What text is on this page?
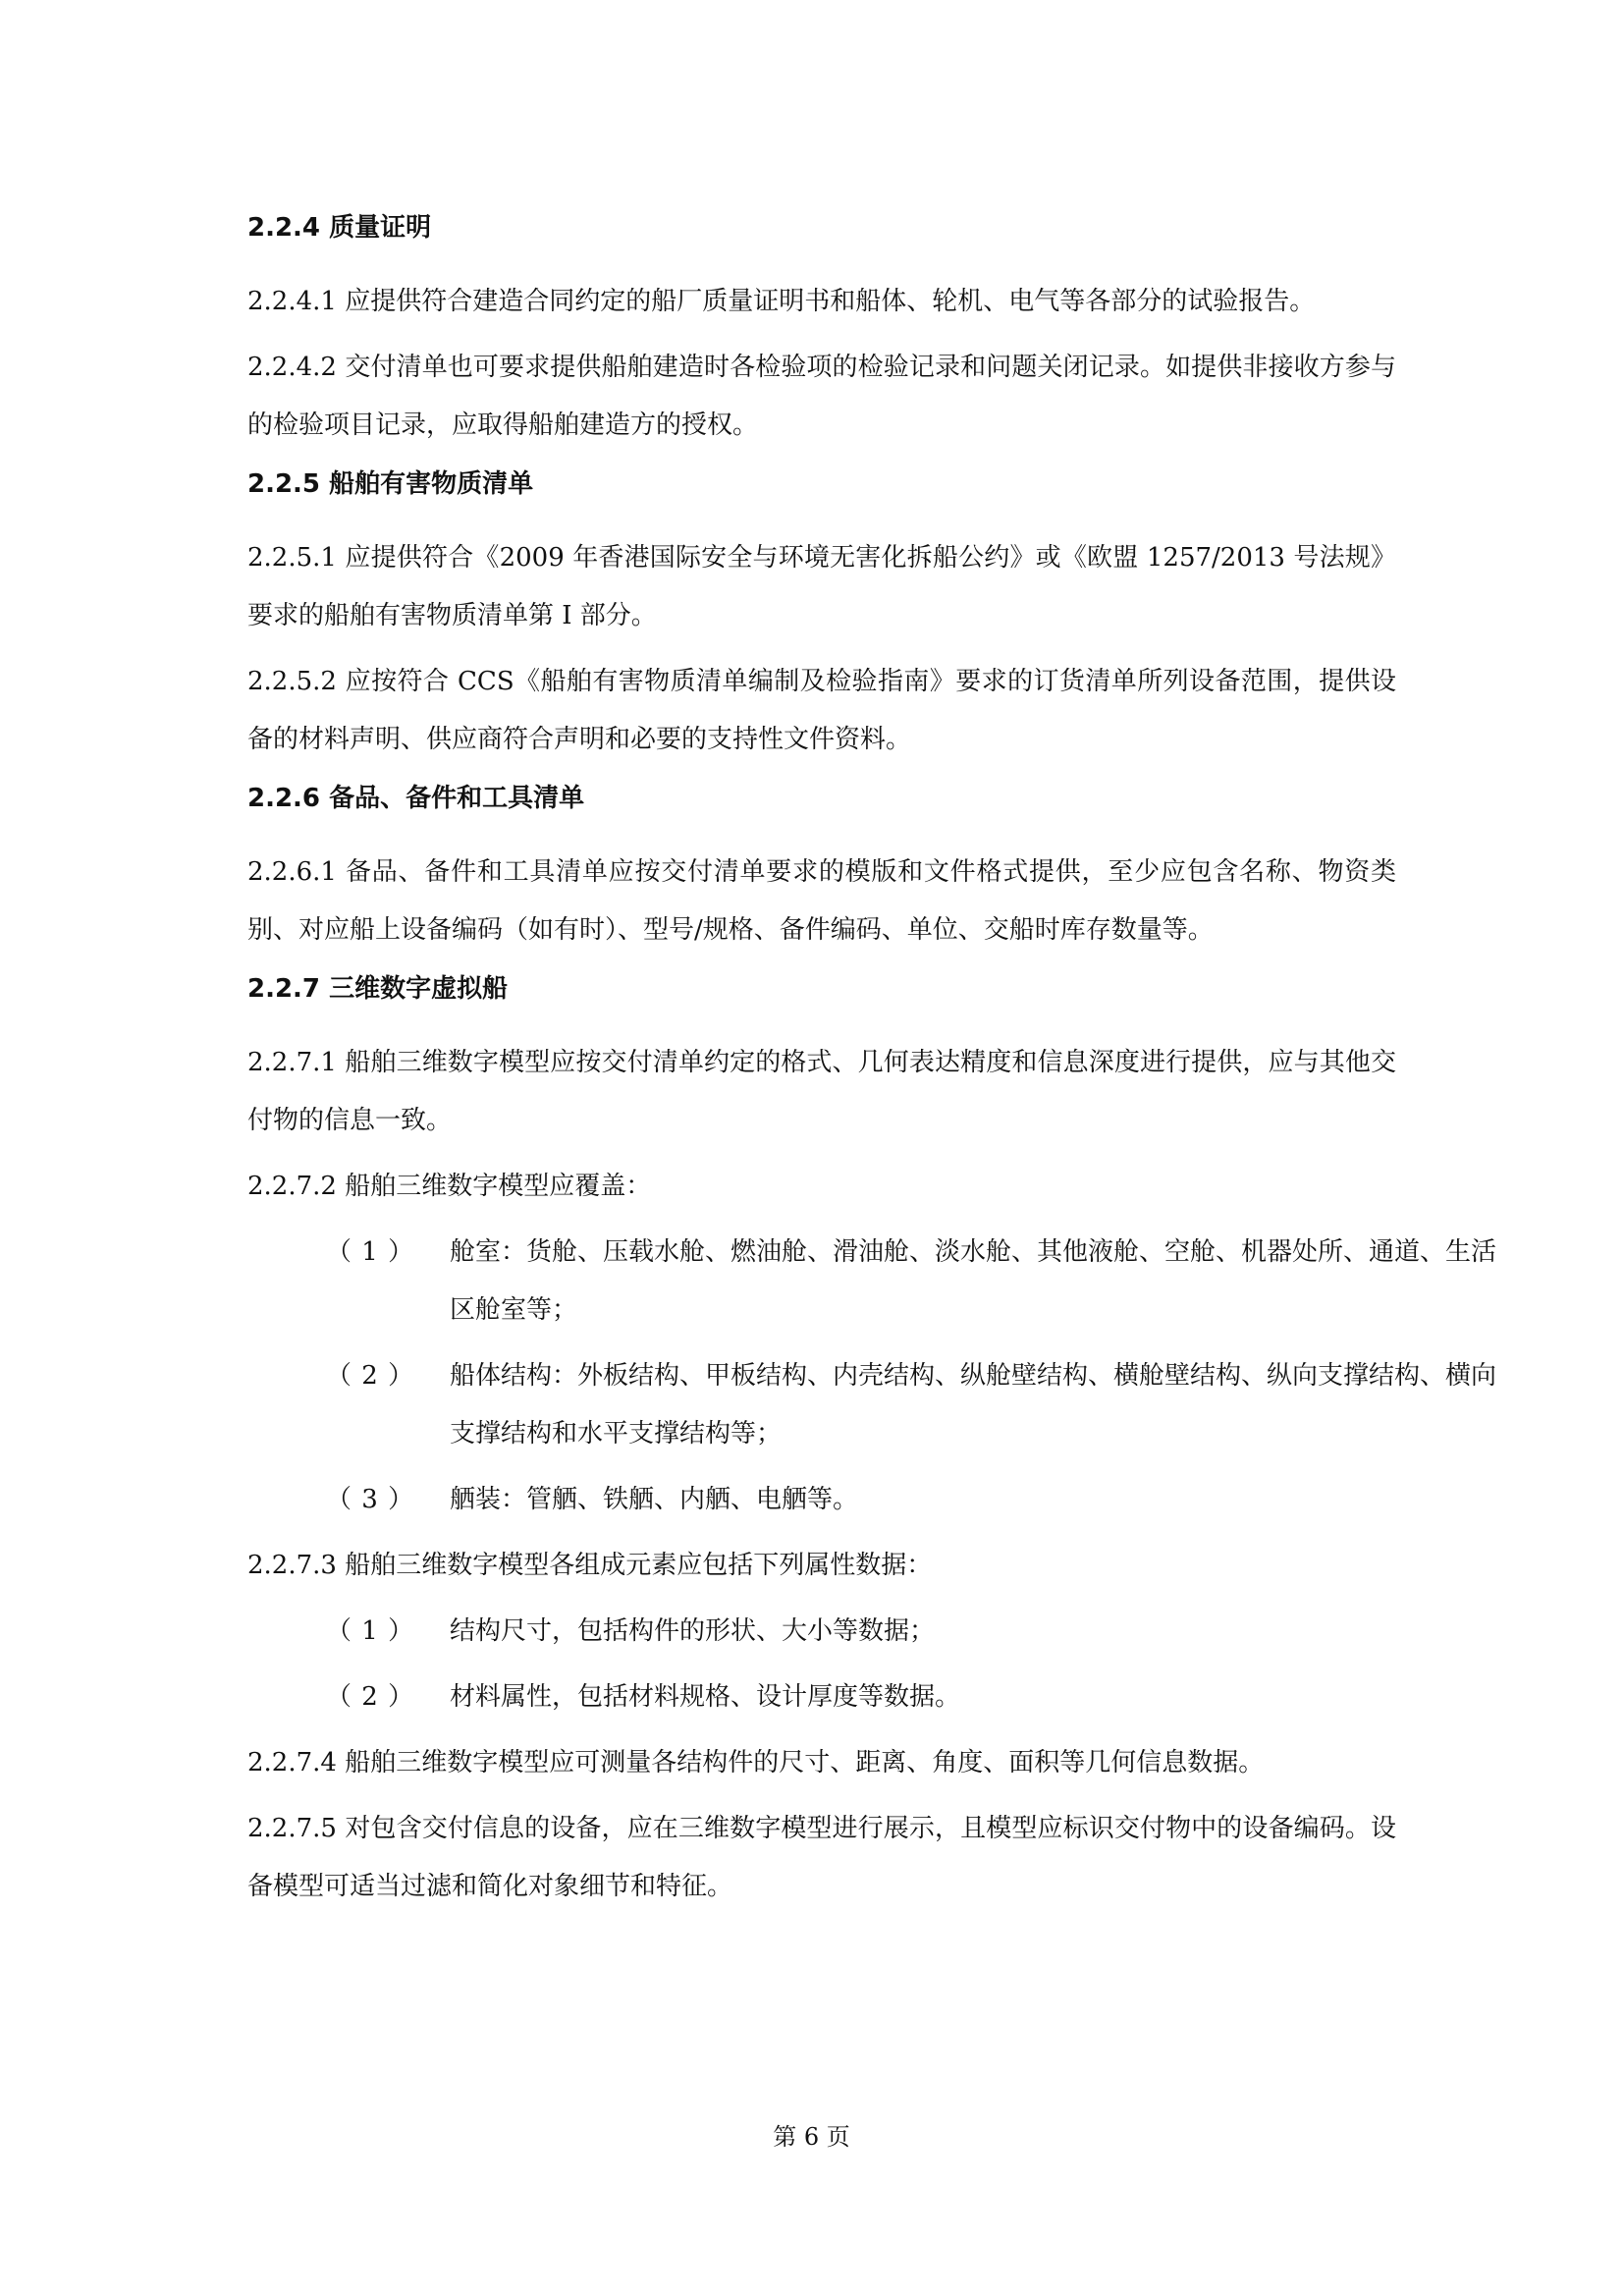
2.2.4 质量证明
2.2.4.1 应提供符合建造合同约定的船厂质量证明书和船体、轮机、电气等各部分的试验报告。
2.2.4.2 交付清单也可要求提供船舶建造时各检验项的检验记录和问题关闭记录。如提供非接收方参与的检验项目记录，应取得船舶建造方的授权。
2.2.5 船舶有害物质清单
2.2.5.1 应提供符合《2009 年香港国际安全与环境无害化拆船公约》或《欧盟 1257/2013 号法规》要求的船舶有害物质清单第 I 部分。
2.2.5.2 应按符合 CCS《船舶有害物质清单编制及检验指南》要求的订货清单所列设备范围，提供设备的材料声明、供应商符合声明和必要的支持性文件资料。
2.2.6 备品、备件和工具清单
2.2.6.1 备品、备件和工具清单应按交付清单要求的模版和文件格式提供，至少应包含名称、物资类别、对应船上设备编码（如有时）、型号/规格、备件编码、单位、交船时库存数量等。
2.2.7 三维数字虚拟船
2.2.7.1 船舶三维数字模型应按交付清单约定的格式、几何表达精度和信息深度进行提供，应与其他交付物的信息一致。
2.2.7.2 船舶三维数字模型应覆盖：
（ 1 ） 舱室：货舱、压载水舱、燃油舱、滑油舱、淡水舱、其他液舱、空舱、机器处所、通道、生活区舱室等；
（ 2 ） 船体结构：外板结构、甲板结构、内壳结构、纵舱壁结构、横舱壁结构、纵向支撑结构、横向支撑结构和水平支撑结构等；
（ 3 ） 舾装：管舾、铁舾、内舾、电舾等。
2.2.7.3 船舶三维数字模型各组成元素应包括下列属性数据：
（ 1 ） 结构尺寸，包括构件的形状、大小等数据；
（ 2 ） 材料属性，包括材料规格、设计厚度等数据。
2.2.7.4 船舶三维数字模型应可测量各结构件的尺寸、距离、角度、面积等几何信息数据。
2.2.7.5 对包含交付信息的设备，应在三维数字模型进行展示，且模型应标识交付物中的设备编码。设备模型可适当过滤和简化对象细节和特征。
第 6 页
